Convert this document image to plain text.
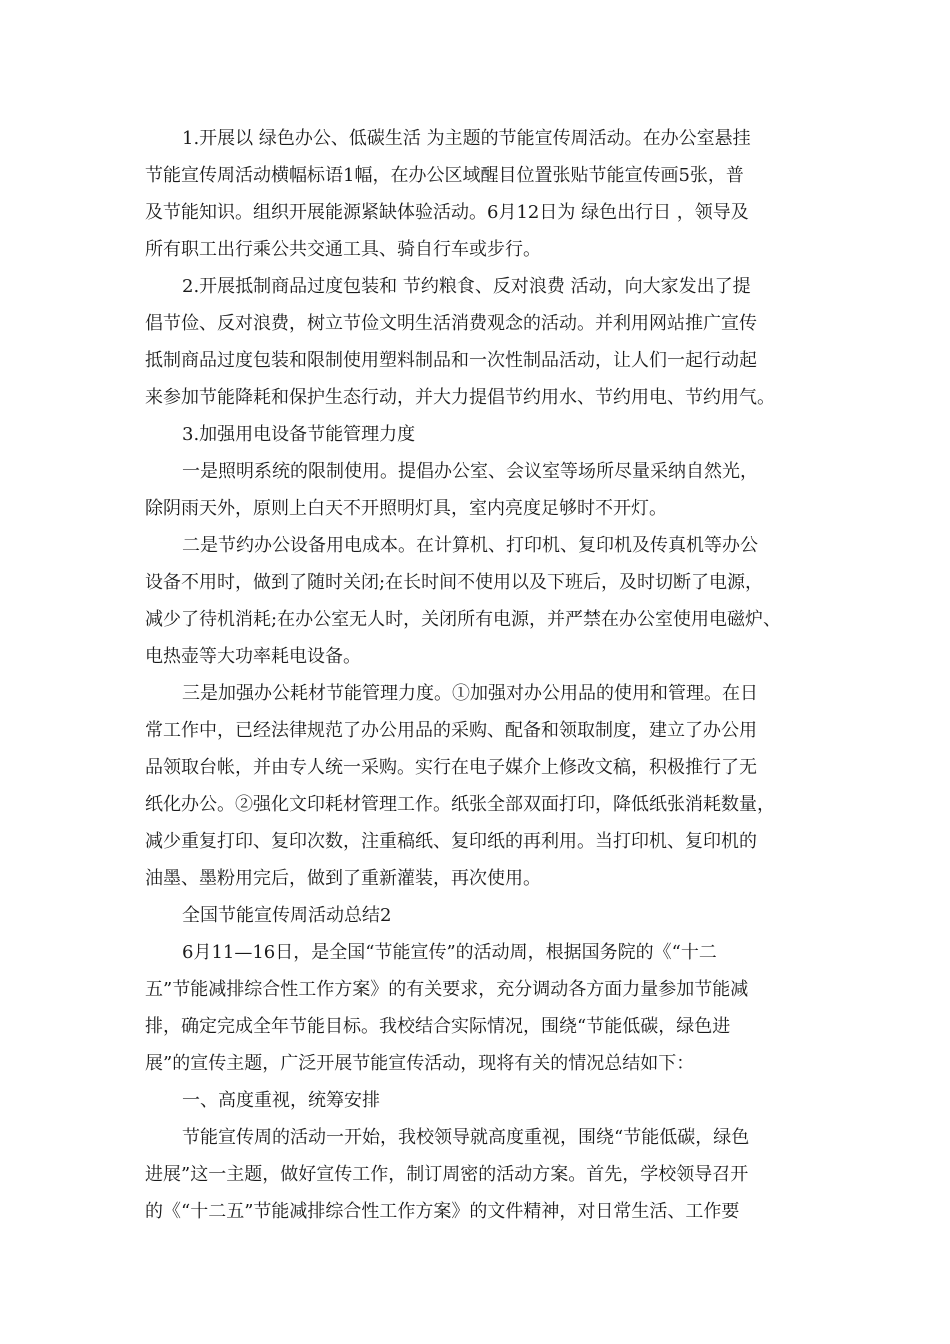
1.开展以 绿色办公、低碳生活 为主题的节能宣传周活动。在办公室悬挂
节能宣传周活动横幅标语1幅，在办公区域醒目位置张贴节能宣传画5张，普
及节能知识。组织开展能源紧缺体验活动。6月12日为 绿色出行日 ，领导及
所有职工出行乘公共交通工具、骑自行车或步行。
2.开展抵制商品过度包装和 节约粮食、反对浪费 活动，向大家发出了提
倡节俭、反对浪费，树立节俭文明生活消费观念的活动。并利用网站推广宣传
抵制商品过度包装和限制使用塑料制品和一次性制品活动，让人们一起行动起
来参加节能降耗和保护生态行动，并大力提倡节约用水、节约用电、节约用气。
3.加强用电设备节能管理力度
一是照明系统的限制使用。提倡办公室、会议室等场所尽量采纳自然光，
除阴雨天外，原则上白天不开照明灯具，室内亮度足够时不开灯。
二是节约办公设备用电成本。在计算机、打印机、复印机及传真机等办公
设备不用时，做到了随时关闭;在长时间不使用以及下班后，及时切断了电源，
减少了待机消耗;在办公室无人时，关闭所有电源，并严禁在办公室使用电磁炉、
电热壶等大功率耗电设备。
三是加强办公耗材节能管理力度。①加强对办公用品的使用和管理。在日
常工作中，已经法律规范了办公用品的采购、配备和领取制度，建立了办公用
品领取台帐，并由专人统一采购。实行在电子媒介上修改文稿，积极推行了无
纸化办公。②强化文印耗材管理工作。纸张全部双面打印，降低纸张消耗数量，
减少重复打印、复印次数，注重稿纸、复印纸的再利用。当打印机、复印机的
油墨、墨粉用完后，做到了重新灌装，再次使用。
全国节能宣传周活动总结2
6月11—16日，是全国“节能宣传”的活动周，根据国务院的《“十二
五”节能减排综合性工作方案》的有关要求，充分调动各方面力量参加节能减
排，确定完成全年节能目标。我校结合实际情况，围绕“节能低碳，绿色进
展”的宣传主题，广泛开展节能宣传活动，现将有关的情况总结如下：
一、高度重视，统筹安排
节能宣传周的活动一开始，我校领导就高度重视，围绕“节能低碳，绿色
进展”这一主题，做好宣传工作，制订周密的活动方案。首先，学校领导召开
的《“十二五”节能减排综合性工作方案》的文件精神，对日常生活、工作要
